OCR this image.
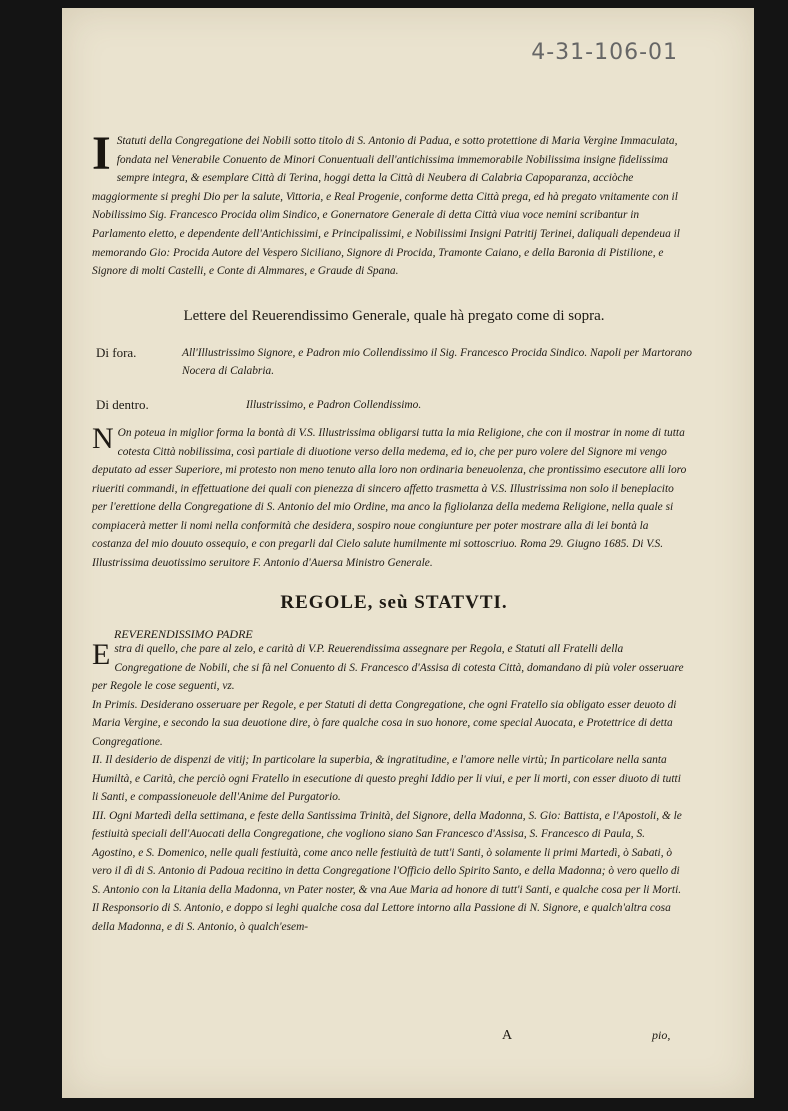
4-31-106-01
I Statuti della Congregatione dei Nobili sotto titolo di S. Antonio di Padua, e sotto protettione di Maria Vergine Immaculata, fondata nel Venerabile Conuento de Minori Conuentuali dell'antichissima immemorabile Nobilissima insigne fidelissima sempre integra, & esemplare Città di Terina, hoggi detta la Città di Neubera di Calabria Capoparanza, acciòche maggiormente si preghi Dio per la salute, Vittoria, e Real Progenie, conforme detta Città prega, ed hà pregato vnitamente con il Nobilissimo Sig. Francesco Procida olim Sindico, e Gonernatore Generale di detta Città viua voce nemini scribantur in Parlamento eletto, e dependente dell'Antichissimi, e Principalissimi, e Nobilissimi Insigni Patritij Terinei, daliquali dependeua il memorando Gio: Procida Autore del Vespero Siciliano, Signore di Procida, Tramonte Caiano, e della Baronia di Pistilione, e Signore di molti Castelli, e Conte di Almmares, e Graude di Spana.
Lettere del Reuerendissimo Generale, quale hà pregato come di sopra.
Di fora.	All'Illustrissimo Signore, e Padron mio Collendissimo il Sig. Francesco Procida Sindico. Napoli per Martorano Nocera di Calabria.
Di dentro.	Illustrissimo, e Padron Collendissimo.
N On poteua in miglior forma la bontà di V.S. Illustrissima obligarsi tutta la mia Religione, che con il mostrar in nome di tutta cotesta Città nobilissima, così partiale di diuotione verso della medema, ed io, che per puro volere del Signore mi vengo deputato ad esser Superiore, mi protesto non meno tenuto alla loro non ordinaria beneuolenza, che prontissimo esecutore alli loro riueriti commandi, in effettuatione dei quali con pienezza di sincero affetto trasmetta à V.S. Illustrissima non solo il beneplacito per l'erettione della Congregatione di S. Antonio del mio Ordine, ma anco la figliolanza della medema Religione, nella quale si compiacerà metter li nomi nella conformità che desidera, sospiro noue congiunture per poter mostrare alla di lei bontà la costanza del mio douuto ossequio, e con pregarli dal Cielo salute humilmente mi sottoscriuo. Roma 29. Giugno 1685. Di V.S. Illustrissima deuotissimo seruitore F. Antonio d'Auersa Ministro Generale.
REGOLE, seù STATVTI.
REVERENDISSIMO PADRE
E stra di quello, che pare al zelo, e carità di V.P. Reuerendissima assegnare per Regola, e Statuti all Fratelli della Congregatione de Nobili, che si fà nel Conuento di S. Francesco d'Assisa di cotesta Città, domandano di più voler osseruare per Regole le cose seguenti, vz.

In Primis. Desiderano osseruare per Regole, e per Statuti di detta Congregatione, che ogni Fratello sia obligato esser deuoto di Maria Vergine, e secondo la sua deuotione dire, ò fare qualche cosa in suo honore, come special Auocata, e Protettrice di detta Congregatione.

II. Il desiderio de dispenzi de vitij; In particolare la superbia, & ingratitudine, e l'amore nelle virtù; In particolare nella santa Humiltà, e Carità, che perciò ogni Fratello in esecutione di questo preghi Iddio per li viui, e per li morti, con esser diuoto di tutti li Santi, e compassioneuole dell'Anime del Purgatorio.

III. Ogni Martedì della settimana, e feste della Santissima Trinità, del Signore, della Madonna, S. Gio: Battista, e l'Apostoli, & le festiuità speciali dell'Auocati della Congregatione, che vogliono siano San Francesco d'Assisa, S. Francesco di Paula, S. Agostino, e S. Domenico, nelle quali festiuità, come anco nelle festiuità de tutt'i Santi, ò solamente li primi Martedì, ò Sabati, ò vero il dì di S. Antonio di Padoua recitino in detta Congregatione l'Officio dello Spirito Santo, e della Madonna; ò vero quello di S. Antonio con la Litania della Madonna, vn Pater noster, & vna Aue Maria ad honore di tutt'i Santi, e qualche cosa per li Morti. Il Responsorio di S. Antonio, e doppo si leghi qualche cosa dal Lettore intorno alla Passione di N. Signore, e qualch'altra cosa della Madonna, e di S. Antonio, ò qualch'esem-

A	pio,
